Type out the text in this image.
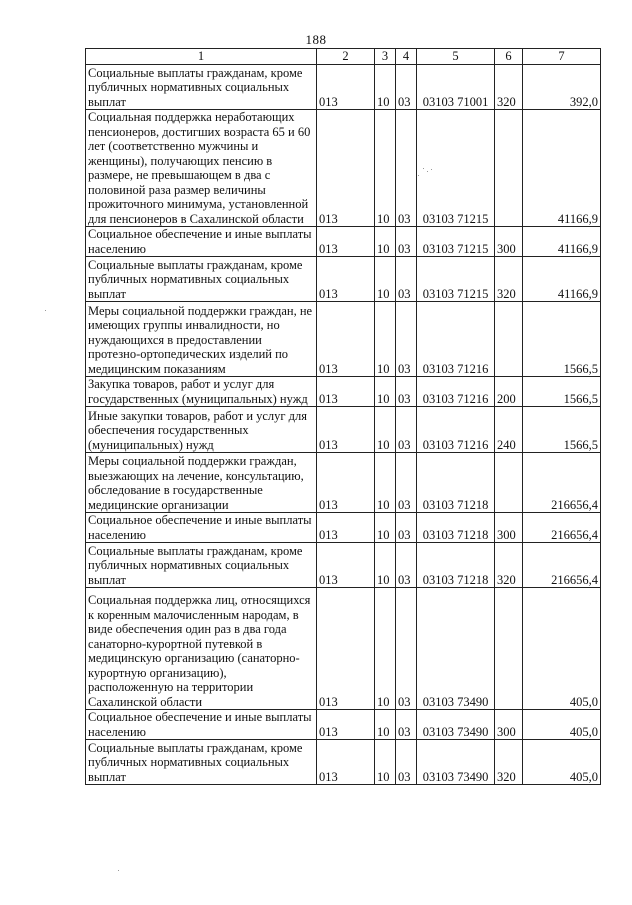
188
1	2	3	4	5	6	7
Социальные выплаты гражданам, кроме публичных нормативных социальных выплат	013	10	03	03103 71001	320	392,0
Социальная поддержка неработающих пенсионеров, достигших возраста 65 и 60 лет (соответственно мужчины и женщины), получающих пенсию в размере, не превышающем в два с половиной раза размер величины прожиточного минимума, установленной для пенсионеров в Сахалинской области	013	10	03	03103 71215		41166,9
Социальное обеспечение и иные выплаты населению	013	10	03	03103 71215	300	41166,9
Социальные выплаты гражданам, кроме публичных нормативных социальных выплат	013	10	03	03103 71215	320	41166,9
Меры социальной поддержки граждан, не имеющих группы инвалидности, но нуждающихся в предоставлении протезно-ортопедических изделий по медицинским показаниям	013	10	03	03103 71216		1566,5
Закупка товаров, работ и услуг для государственных (муниципальных) нужд	013	10	03	03103 71216	200	1566,5
Иные закупки товаров, работ и услуг для обеспечения государственных (муниципальных) нужд	013	10	03	03103 71216	240	1566,5
Меры социальной поддержки граждан, выезжающих на лечение, консультацию, обследование в государственные медицинские организации	013	10	03	03103 71218		216656,4
Социальное обеспечение и иные выплаты населению	013	10	03	03103 71218	300	216656,4
Социальные выплаты гражданам, кроме публичных нормативных социальных выплат	013	10	03	03103 71218	320	216656,4
Социальная поддержка лиц, относящихся к коренным малочисленным народам, в виде обеспечения один раз в два года санаторно-курортной путевкой в медицинскую организацию (санаторно-курортную организацию), расположенную на территории Сахалинской области	013	10	03	03103 73490		405,0
Социальное обеспечение и иные выплаты населению	013	10	03	03103 73490	300	405,0
Социальные выплаты гражданам, кроме публичных нормативных социальных выплат	013	10	03	03103 73490	320	405,0
